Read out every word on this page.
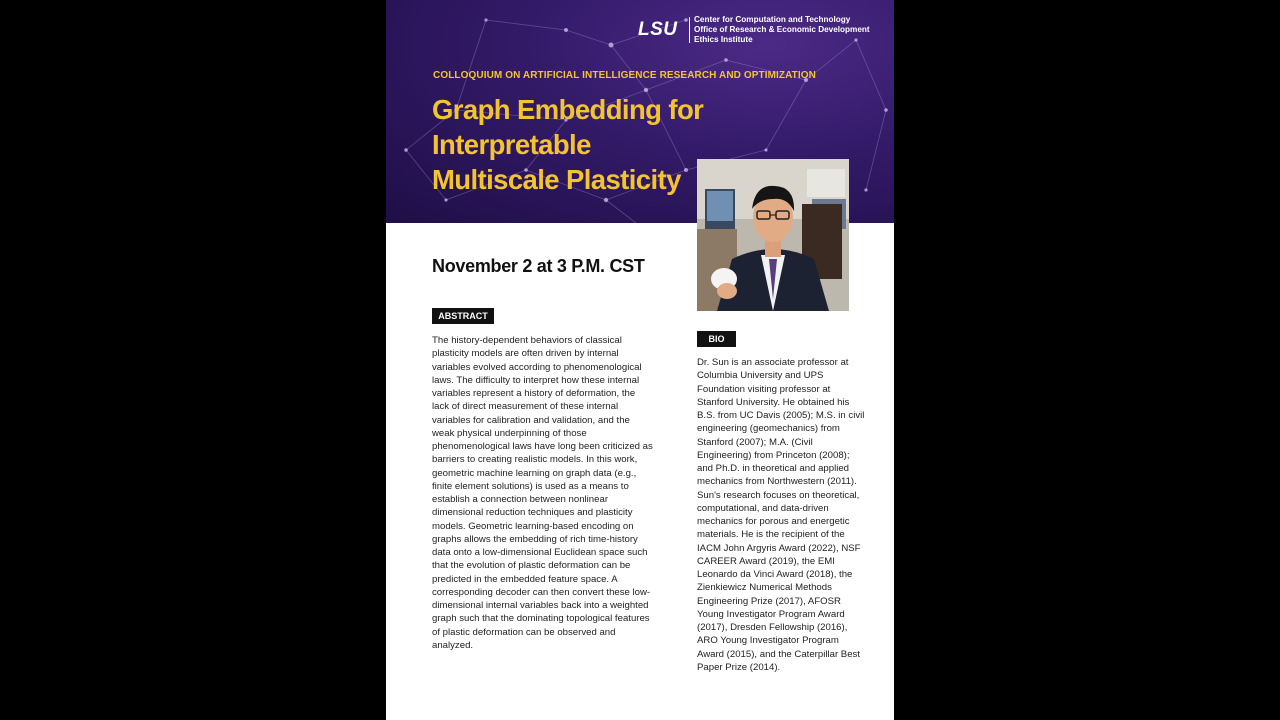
LSU Center for Computation and Technology
Office of Research & Economic Development
Ethics Institute
COLLOQUIUM ON ARTIFICIAL INTELLIGENCE RESEARCH AND OPTIMIZATION
Graph Embedding for Interpretable
Multiscale Plasticity
November 2 at 3 P.M. CST
ABSTRACT
The history-dependent behaviors of classical plasticity models are often driven by internal variables evolved according to phenomenological laws. The difficulty to interpret how these internal variables represent a history of deformation, the lack of direct measurement of these internal variables for calibration and validation, and the weak physical underpinning of those phenomenological laws have long been criticized as barriers to creating realistic models. In this work, geometric machine learning on graph data (e.g., finite element solutions) is used as a means to establish a connection between nonlinear dimensional reduction techniques and plasticity models. Geometric learning-based encoding on graphs allows the embedding of rich time-history data onto a low-dimensional Euclidean space such that the evolution of plastic deformation can be predicted in the embedded feature space. A corresponding decoder can then convert these low-dimensional internal variables back into a weighted graph such that the dominating topological features of plastic deformation can be observed and analyzed.
BIO
Dr. Sun is an associate professor at Columbia University and UPS Foundation visiting professor at Stanford University. He obtained his B.S. from UC Davis (2005); M.S. in civil engineering (geomechanics) from Stanford (2007); M.A. (Civil Engineering) from Princeton (2008); and Ph.D. in theoretical and applied mechanics from Northwestern (2011). Sun's research focuses on theoretical, computational, and data-driven mechanics for porous and energetic materials. He is the recipient of the IACM John Argyris Award (2022), NSF CAREER Award (2019), the EMI Leonardo da Vinci Award (2018), the Zienkiewicz Numerical Methods Engineering Prize (2017), AFOSR Young Investigator Program Award (2017), Dresden Fellowship (2016), ARO Young Investigator Program Award (2015), and the Caterpillar Best Paper Prize (2014).
